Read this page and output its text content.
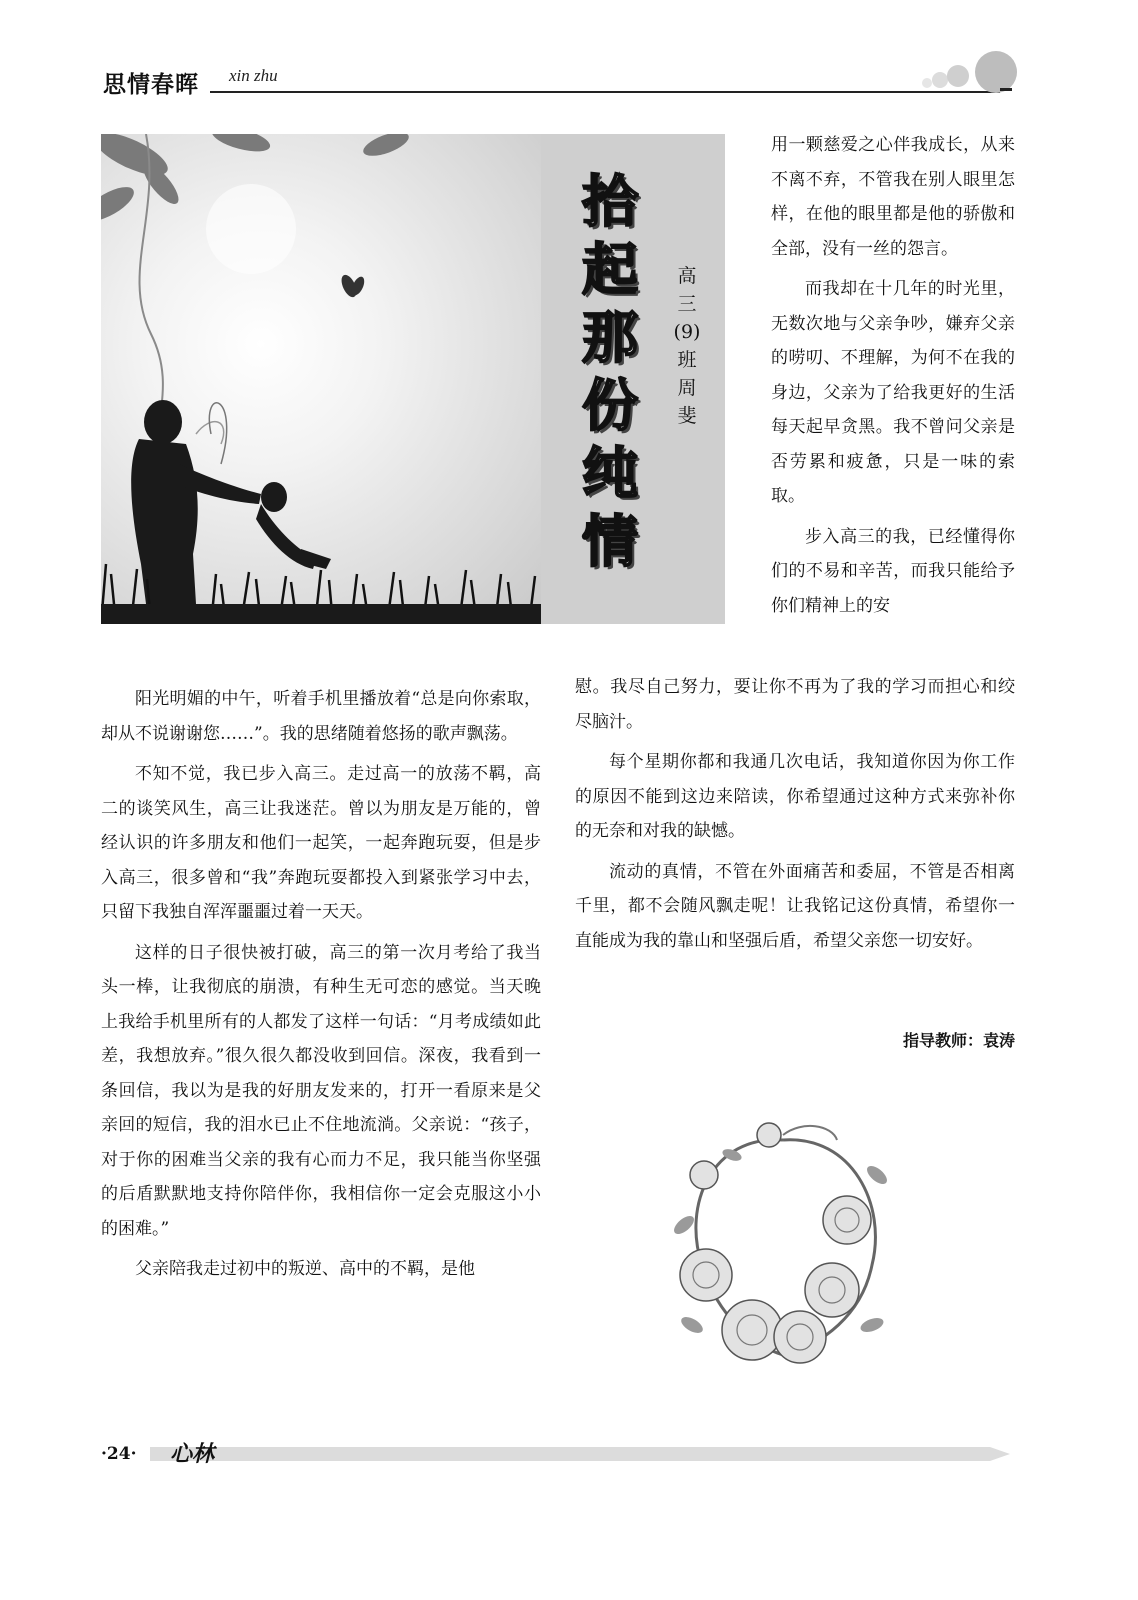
思情春晖 xin zhu
拾起那份纯情
高三(9)班 周 斐

用一颗慈爱之心伴我成长，从来不离不弃，不管我在别人眼里怎样，在他的眼里都是他的骄傲和全部，没有一丝的怨言。

而我却在十几年的时光里，无数次地与父亲争吵，嫌弃父亲的唠叨、不理解，为何不在我的身边，父亲为了给我更好的生活每天起早贪黑。我不曾问父亲是否劳累和疲惫，只是一味的索取。

步入高三的我，已经懂得你们的不易和辛苦，而我只能给予你们精神上的安

阳光明媚的中午，听着手机里播放着“总是向你索取，却从不说谢谢您……”。我的思绪随着悠扬的歌声飘荡。

不知不觉，我已步入高三。走过高一的放荡不羁，高二的谈笑风生，高三让我迷茫。曾以为朋友是万能的，曾经认识的许多朋友和他们一起笑，一起奔跑玩耍，但是步入高三，很多曾和“我”奔跑玩耍都投入到紧张学习中去，只留下我独自浑浑噩噩过着一天天。

这样的日子很快被打破，高三的第一次月考给了我当头一棒，让我彻底的崩溃，有种生无可恋的感觉。当天晚上我给手机里所有的人都发了这样一句话：“月考成绩如此差，我想放弃。”很久很久都没收到回信。深夜，我看到一条回信，我以为是我的好朋友发来的，打开一看原来是父亲回的短信，我的泪水已止不住地流淌。父亲说：“孩子，对于你的困难当父亲的我有心而力不足，我只能当你坚强的后盾默默地支持你陪伴你，我相信你一定会克服这小小的困难。”

父亲陪我走过初中的叛逆、高中的不羁，是他

慰。我尽自己努力，要让你不再为了我的学习而担心和绞尽脑汁。

每个星期你都和我通几次电话，我知道你因为你工作的原因不能到这边来陪读，你希望通过这种方式来弥补你的无奈和对我的缺憾。

流动的真情，不管在外面痛苦和委屈，不管是否相离千里，都不会随风飘走呢！让我铭记这份真情，希望你一直能成为我的靠山和坚强后盾，希望父亲您一切安好。

指导教师：袁涛
·24· 心林
